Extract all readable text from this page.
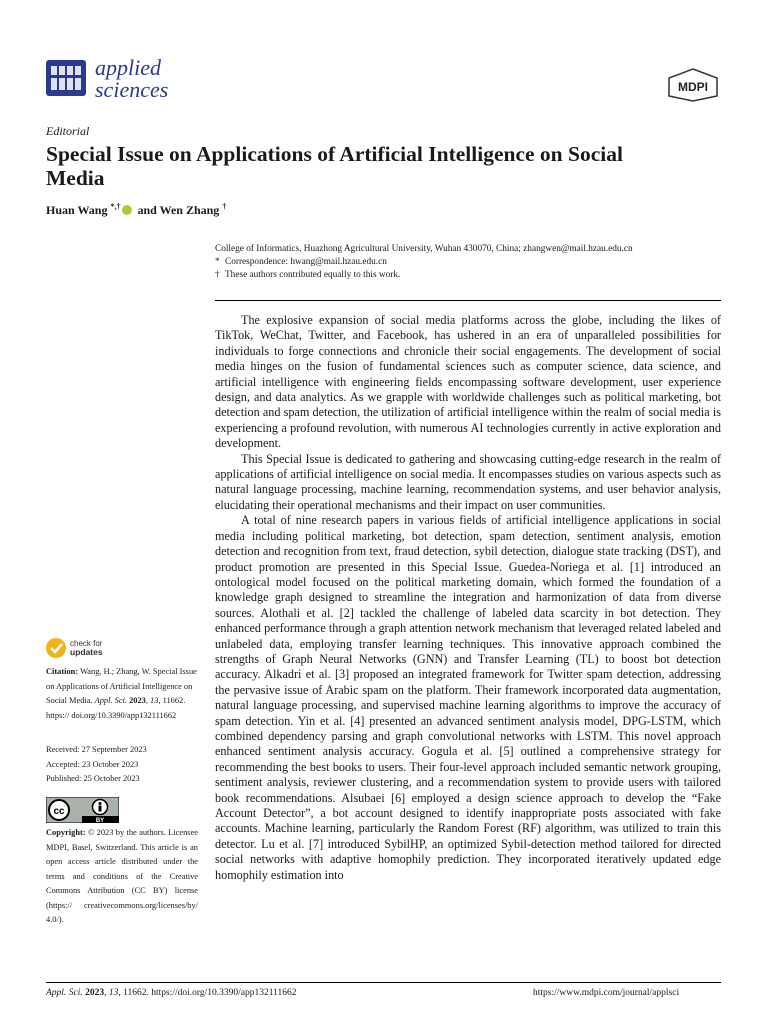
applied
sciences	MDPI
Editorial
Special Issue on Applications of Artificial Intelligence on Social Media
Huan Wang *,† and Wen Zhang †
College of Informatics, Huazhong Agricultural University, Wuhan 430070, China; zhangwen@mail.hzau.edu.cn
* Correspondence: hwang@mail.hzau.edu.cn
† These authors contributed equally to this work.

The explosive expansion of social media platforms across the globe, including the likes of TikTok, WeChat, Twitter, and Facebook, has ushered in an era of unparalleled possibilities for individuals to forge connections and chronicle their social engagements. The development of social media hinges on the fusion of fundamental sciences such as computer science, data science, and artificial intelligence with engineering fields encompassing software development, user experience design, and data analytics. As we grapple with worldwide challenges such as political marketing, bot detection and spam detection, the utilization of artificial intelligence within the realm of social media is experiencing a profound revolution, with numerous AI technologies currently in active exploration and development.

This Special Issue is dedicated to gathering and showcasing cutting-edge research in the realm of applications of artificial intelligence on social media. It encompasses studies on various aspects such as natural language processing, machine learning, recommendation systems, and user behavior analysis, elucidating their operational mechanisms and their impact on user communities.

A total of nine research papers in various fields of artificial intelligence applications in social media including political marketing, bot detection, spam detection, sentiment analysis, emotion detection and recognition from text, fraud detection, sybil detection, dialogue state tracking (DST), and product promotion are presented in this Special Issue. Guedea-Noriega et al. [1] introduced an ontological model focused on the political marketing domain, which formed the foundation of a knowledge graph designed to streamline the integration and harmonization of data from diverse sources. Alothali et al. [2] tackled the challenge of labeled data scarcity in bot detection. They enhanced performance through a graph attention network mechanism that leveraged related labeled and unlabeled data, employing transfer learning techniques. This innovative approach combined the strengths of Graph Neural Networks (GNN) and Transfer Learning (TL) to boost bot detection accuracy. Alkadri et al. [3] proposed an integrated framework for Twitter spam detection, addressing the pervasive issue of Arabic spam on the platform. Their framework incorporated data augmentation, natural language processing, and supervised machine learning algorithms to improve the accuracy of spam detection. Yin et al. [4] presented an advanced sentiment analysis model, DPG-LSTM, which combined dependency parsing and graph convolutional networks with LSTM. This novel approach enhanced sentiment analysis accuracy. Gogula et al. [5] outlined a comprehensive strategy for recommending the best books to users. Their four-level approach included semantic network grouping, sentiment analysis, reviewer clustering, and a recommendation system to provide users with tailored book recommendations. Alsubaei [6] employed a design science approach to develop the “Fake Account Detector”, a bot account designed to identify inappropriate posts associated with fake accounts. Machine learning, particularly the Random Forest (RF) algorithm, was utilized to train this detector. Lu et al. [7] introduced SybilHP, an optimized Sybil-detection method tailored for directed social networks with adaptive homophily prediction. They incorporated iteratively updated edge homophily estimation into

check for
updates
Citation: Wang, H.; Zhang, W. Special Issue on Applications of Artificial Intelligence on Social Media. Appl. Sci. 2023, 13, 11662. https:// doi.org/10.3390/app132111662
Received: 27 September 2023
Accepted: 23 October 2023
Published: 25 October 2023
cc
BY
Copyright: © 2023 by the authors. Licensee MDPI, Basel, Switzerland. This article is an open access article distributed under the terms and conditions of the Creative Commons Attribution (CC BY) license (https:// creativecommons.org/licenses/by/ 4.0/).
Appl. Sci. 2023, 13, 11662. https://doi.org/10.3390/app132111662	https://www.mdpi.com/journal/applsci
